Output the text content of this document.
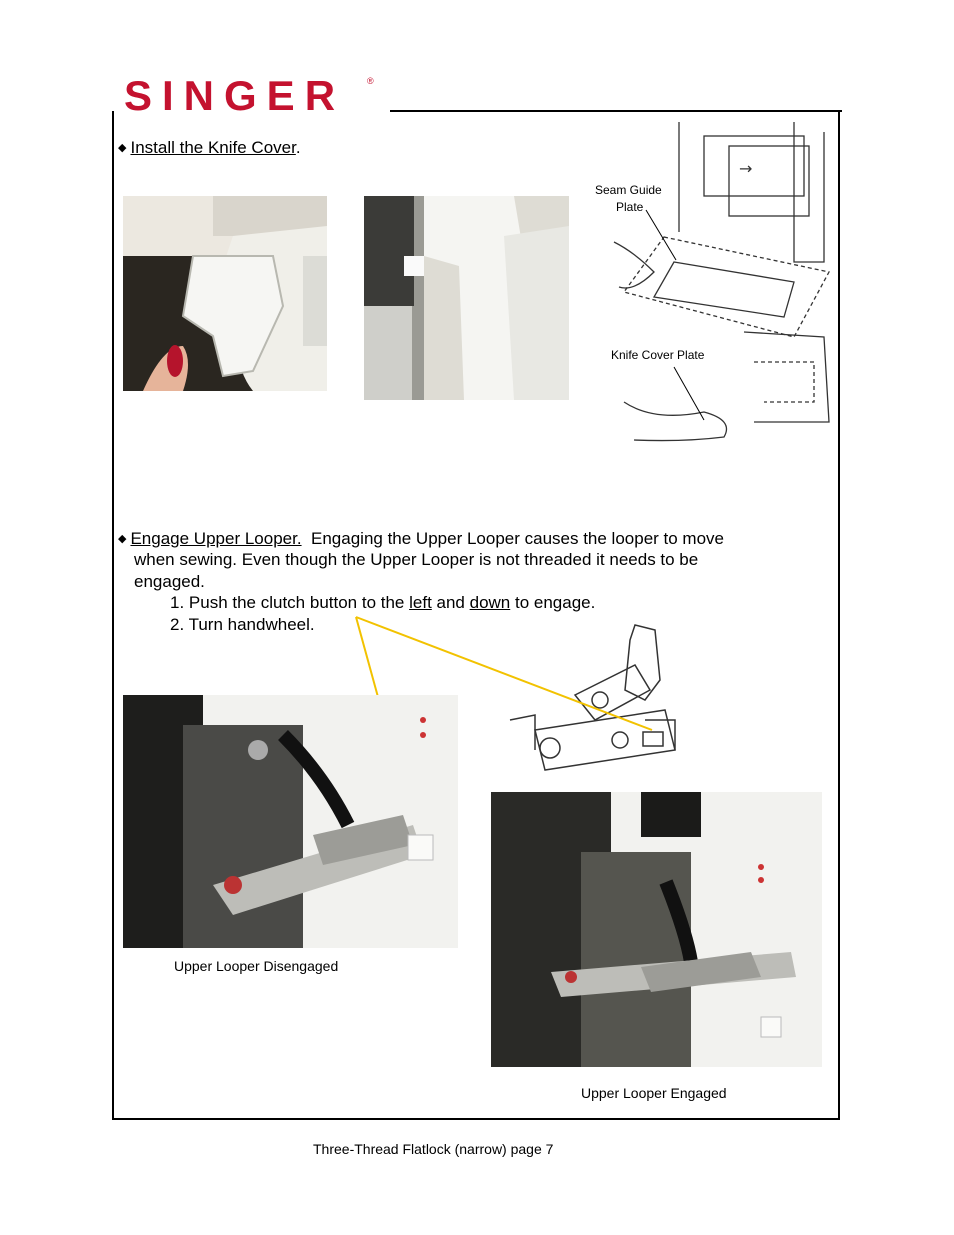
SINGER ®
◆ Install the Knife Cover.
→
Seam Guide
Plate
Knife Cover Plate
◆ Engage Upper Looper.  Engaging the Upper Looper causes the looper to move
when sewing. Even though the Upper Looper is not threaded it needs to be
engaged.
1. Push the clutch button to the left and down to engage.
2. Turn handwheel.
Upper Looper Disengaged
Upper Looper Engaged
Three-Thread Flatlock (narrow) page 7
